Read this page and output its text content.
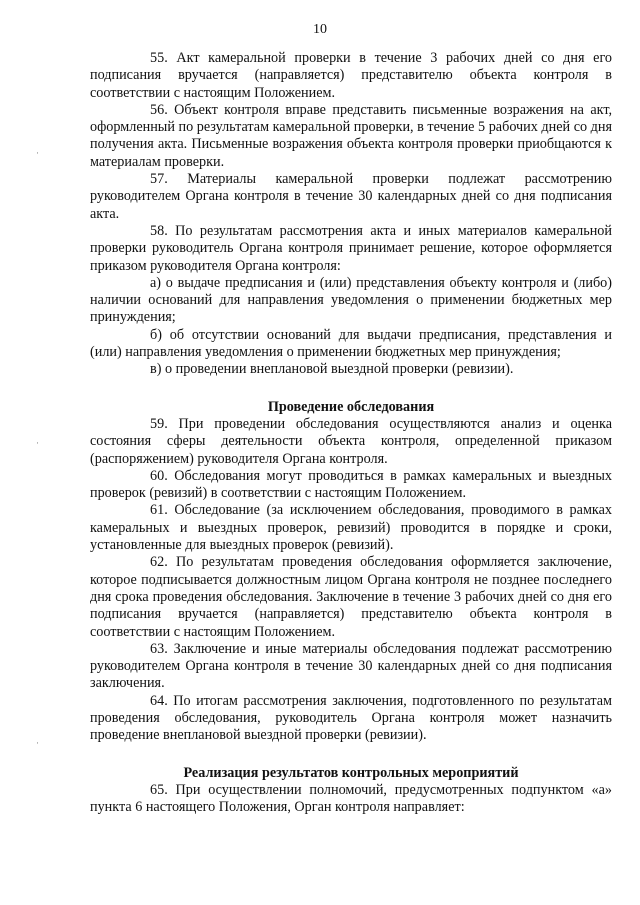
10
·
·
·

55. Акт камеральной проверки в течение 3 рабочих дней со дня его подписания вручается (направляется) представителю объекта контроля в соответствии с настоящим Положением.

56. Объект контроля вправе представить письменные возражения на акт, оформленный по результатам камеральной проверки, в течение 5 рабочих дней со дня получения акта. Письменные возражения объекта контроля проверки приобщаются к материалам проверки.

57. Материалы камеральной проверки подлежат рассмотрению руководителем Органа контроля в течение 30 календарных дней со дня подписания акта.

58. По результатам рассмотрения акта и иных материалов камеральной проверки руководитель Органа контроля принимает решение, которое оформляется приказом руководителя Органа контроля:

а) о выдаче предписания и (или) представления объекту контроля и (либо) наличии оснований для направления уведомления о применении бюджетных мер принуждения;

б) об отсутствии оснований для выдачи предписания, представления и (или) направления уведомления о применении бюджетных мер принуждения;

в) о проведении внеплановой выездной проверки (ревизии).

Проведение обследования

59. При проведении обследования осуществляются анализ и оценка состояния сферы деятельности объекта контроля, определенной приказом (распоряжением) руководителя Органа контроля.

60. Обследования могут проводиться в рамках камеральных и выездных проверок (ревизий) в соответствии с настоящим Положением.

61. Обследование (за исключением обследования, проводимого в рамках камеральных и выездных проверок, ревизий) проводится в порядке и сроки, установленные для выездных проверок (ревизий).

62. По результатам проведения обследования оформляется заключение, которое подписывается должностным лицом Органа контроля не позднее последнего дня срока проведения обследования. Заключение в течение 3 рабочих дней со дня его подписания вручается (направляется) представителю объекта контроля в соответствии с настоящим Положением.

63. Заключение и иные материалы обследования подлежат рассмотрению руководителем Органа контроля в течение 30 календарных дней со дня подписания заключения.

64. По итогам рассмотрения заключения, подготовленного по результатам проведения обследования, руководитель Органа контроля может назначить проведение внеплановой выездной проверки (ревизии).

Реализация результатов контрольных мероприятий

65. При осуществлении полномочий, предусмотренных подпунктом «а» пункта 6 настоящего Положения, Орган контроля направляет:
